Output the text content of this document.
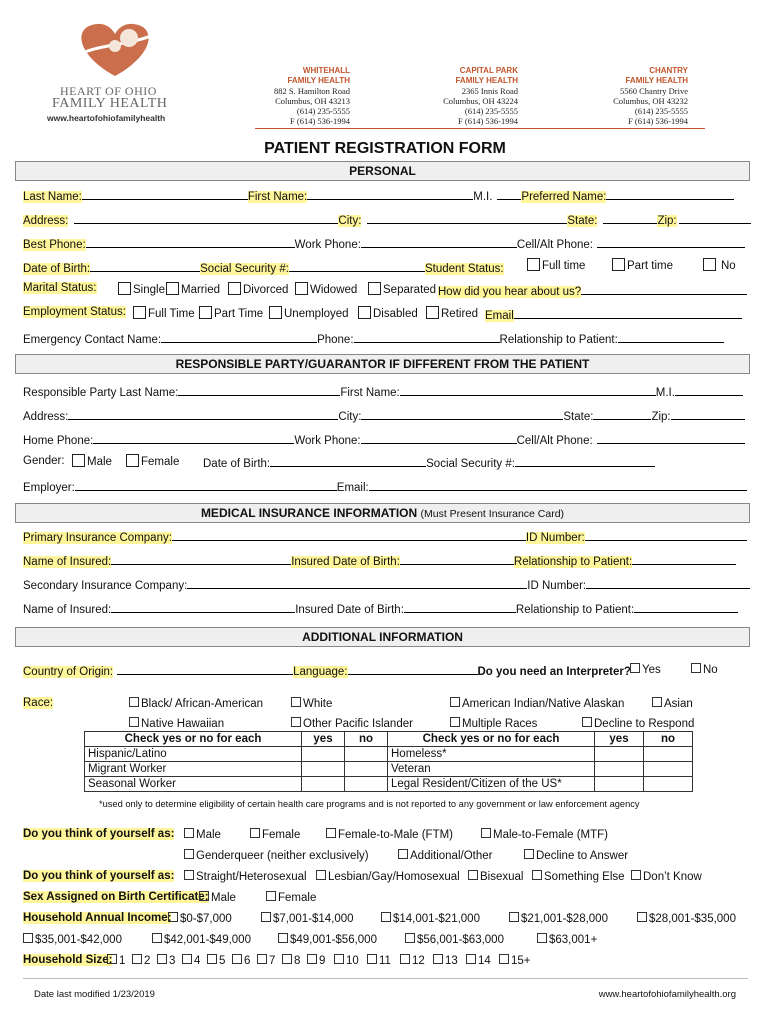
HEART OF OHIO
FAMILY HEALTH
www.heartofohiofamilyhealth
WHITEHALL
FAMILY HEALTH
882 S. Hamilton Road
Columbus, OH 43213
(614) 235-5555
F (614) 536-1994
CAPITAL PARK
FAMILY HEALTH
2365 Innis Road
Columbus, OH 43224
(614) 235-5555
F (614) 536-1994
CHANTRY
FAMILY HEALTH
5560 Chantry Drive
Columbus, OH 43232
(614) 235-5555
F (614) 536-1994
PATIENT REGISTRATION FORM
PERSONAL
Last Name:	First Name:	M.I.	Preferred Name:
Address:	City:	State:	Zip:
Best Phone:	Work Phone:	Cell/Alt Phone:
Date of Birth:	Social Security #:	Student Status:	Full time	Part time	No
Marital Status:	Single	Married	Divorced	Widowed	Separated How did you hear about us?
Employment Status:	Full Time	Part Time	Unemployed	Disabled	Retired Email
Emergency Contact Name:	Phone:	Relationship to Patient:
RESPONSIBLE PARTY/GUARANTOR IF DIFFERENT FROM THE PATIENT
Responsible Party Last Name:	First Name:	M.I.
Address:	City:	State:	Zip:
Home Phone:	Work Phone:	Cell/Alt Phone:
Gender:	Male	Female Date of Birth:	Social Security #:
Employer:	Email:
MEDICAL INSURANCE INFORMATION (Must Present Insurance Card)
Primary Insurance Company:	ID Number:
Name of Insured:	Insured Date of Birth:	Relationship to Patient:
Secondary Insurance Company:	ID Number:
Name of Insured:	Insured Date of Birth:	Relationship to Patient:
ADDITIONAL INFORMATION
Country of Origin:	Language:	Do you need an Interpreter? Yes	No
Race:	Black/ African-American	White	American Indian/Native Alaskan	Asian
Native Hawaiian	Other Pacific Islander	Multiple Races	Decline to Respond
Check yes or no for each	yes	no	Check yes or no for each	yes	no
Hispanic/Latino			Homeless*		
Migrant Worker			Veteran		
Seasonal Worker			Legal Resident/Citizen of the US*		
*used only to determine eligibility of certain health care programs and is not reported to any government or law enforcement agency
Do you think of yourself as:	Male	Female	Female-to-Male (FTM)	Male-to-Female (MTF)
Genderqueer (neither exclusively)	Additional/Other	Decline to Answer
Do you think of yourself as:	Straight/Heterosexual	Lesbian/Gay/Homosexual	Bisexual	Something Else	Don’t Know
Sex Assigned on Birth Certificate: Male	Female
Household Annual Income: $0-$7,000	$7,001-$14,000	$14,001-$21,000	$21,001-$28,000	$28,001-$35,000
$35,001-$42,000	$42,001-$49,000	$49,001-$56,000	$56,001-$63,000	$63,001+
Household Size: 1	2	3	4	5	6	7	8	9	10	11	12	13	14	15+
Date last modified 1/23/2019	www.heartofohiofamilyhealth.org
